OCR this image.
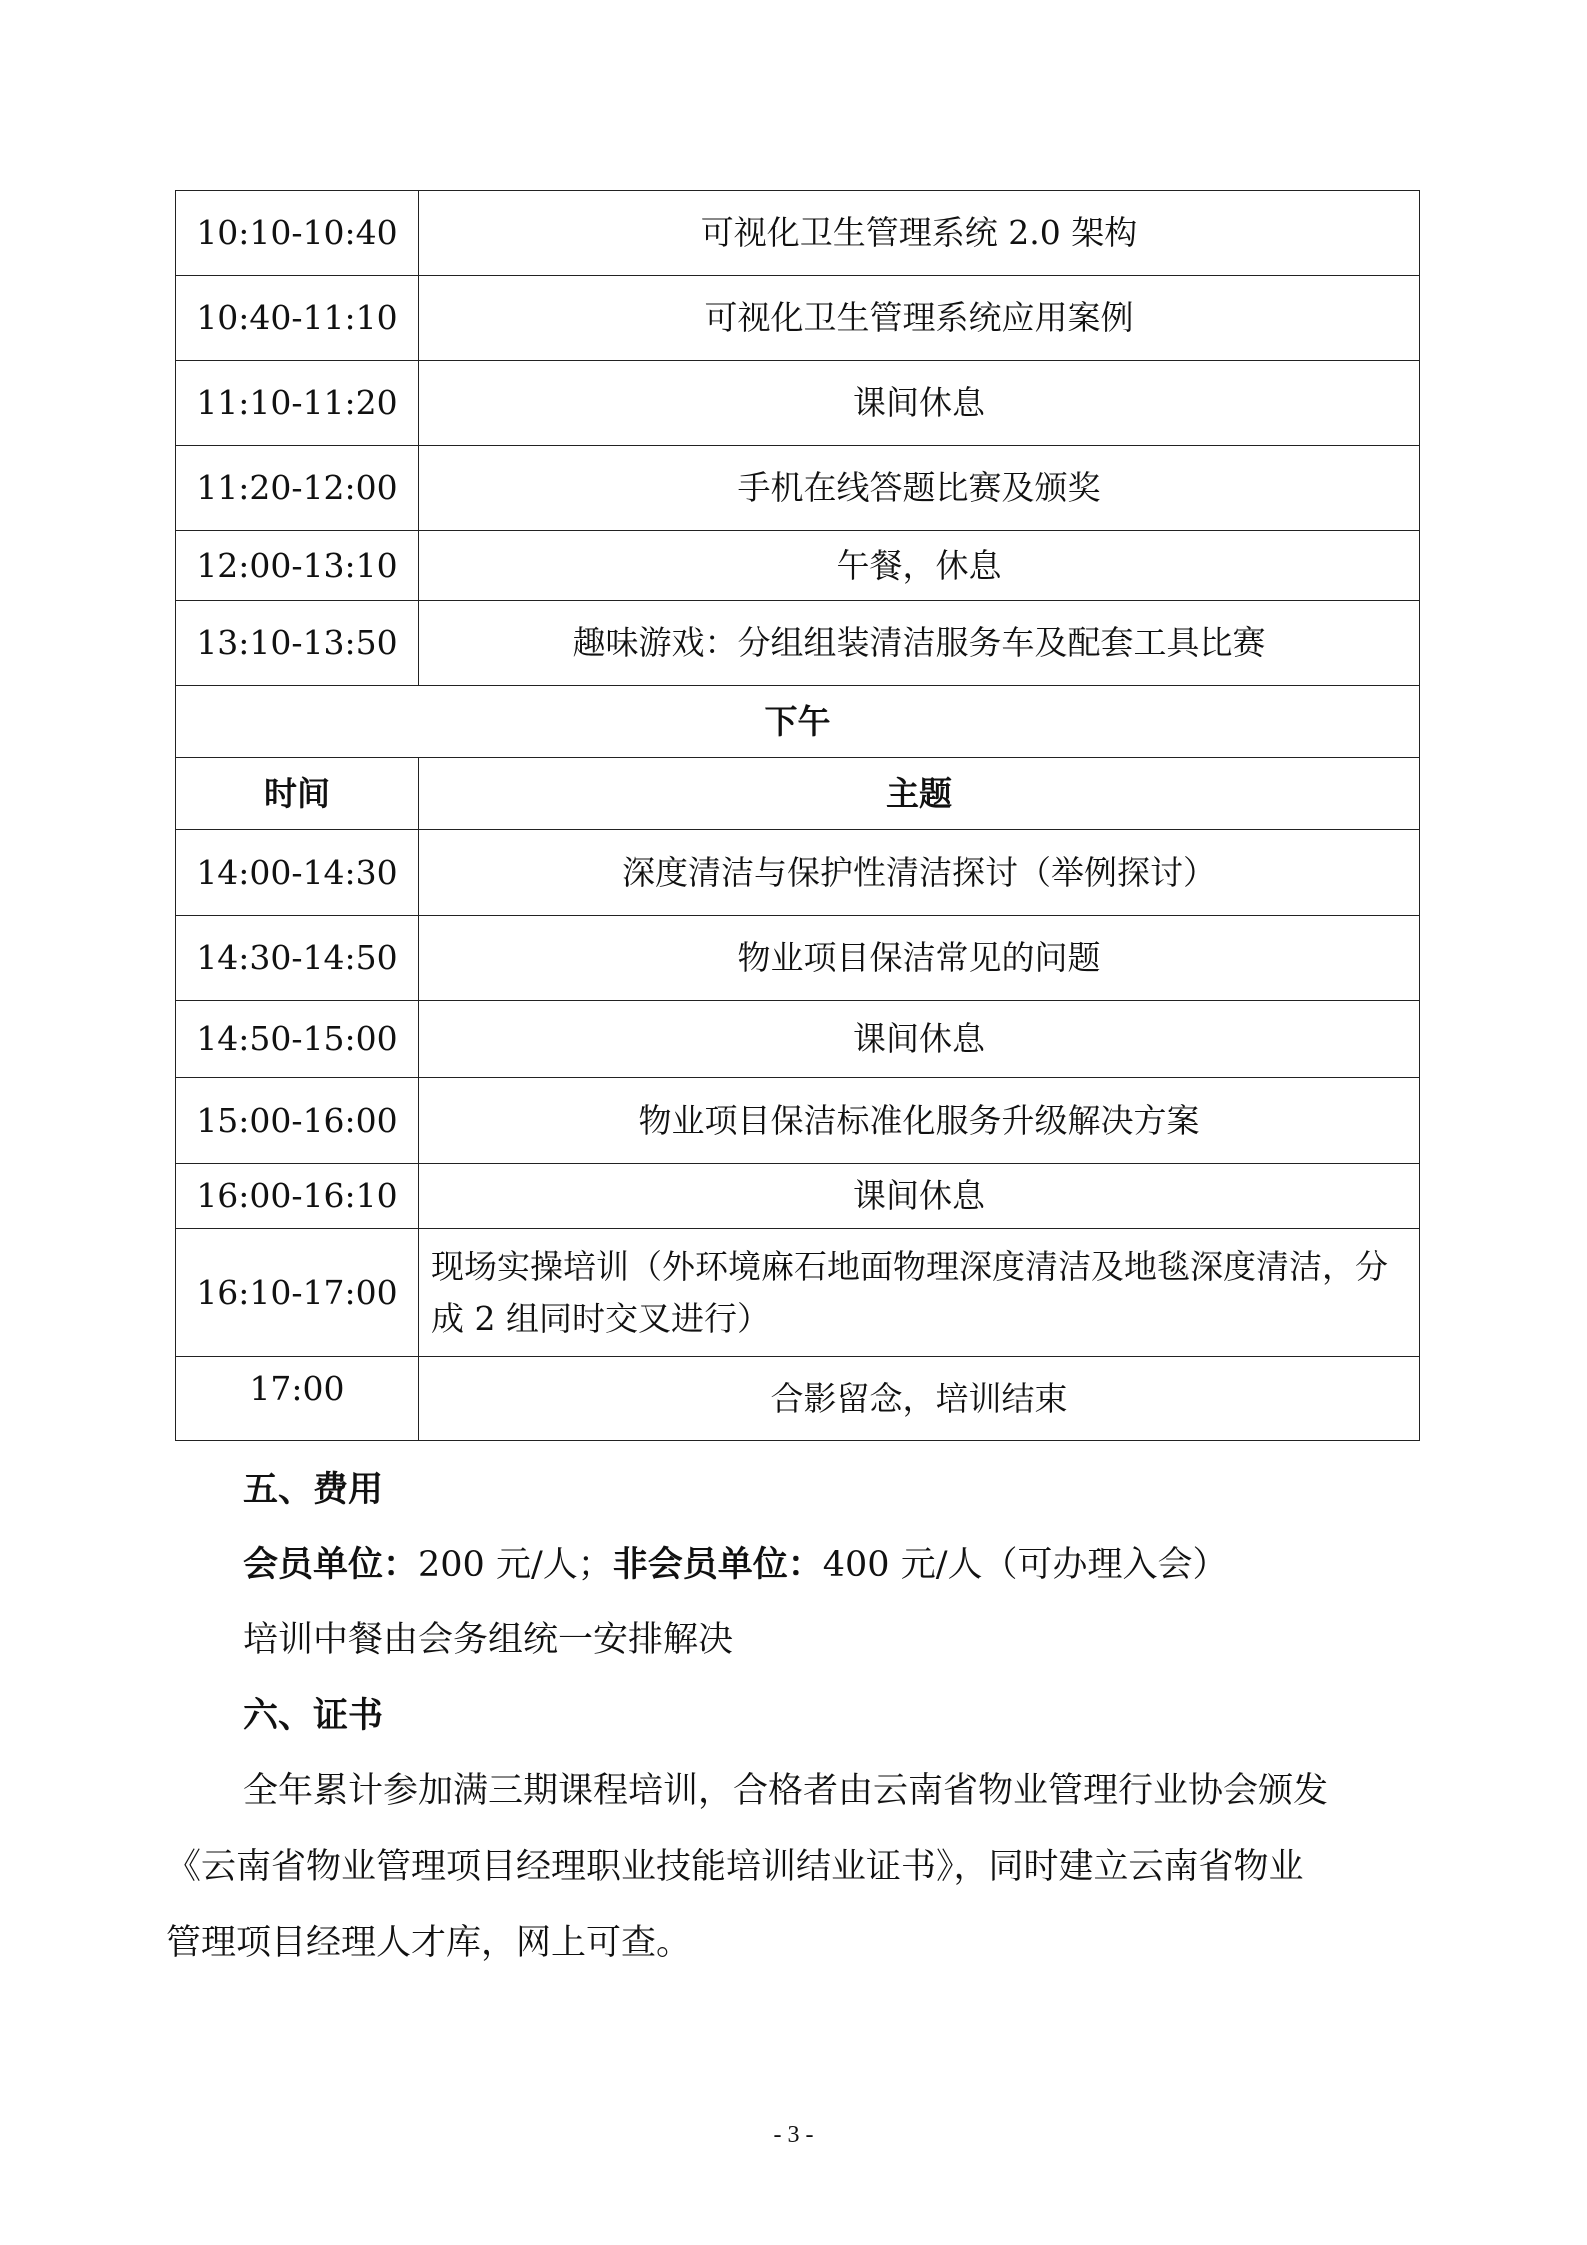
10:10-10:40	可视化卫生管理系统 2.0 架构
10:40-11:10	可视化卫生管理系统应用案例
11:10-11:20	课间休息
11:20-12:00	手机在线答题比赛及颁奖
12:00-13:10	午餐，休息
13:10-13:50	趣味游戏：分组组装清洁服务车及配套工具比赛
下午	
时间	主题
14:00-14:30	深度清洁与保护性清洁探讨（举例探讨）
14:30-14:50	物业项目保洁常见的问题
14:50-15:00	课间休息
15:00-16:00	物业项目保洁标准化服务升级解决方案
16:00-16:10	课间休息
16:10-17:00	现场实操培训（外环境麻石地面物理深度清洁及地毯深度清洁，分成 2 组同时交叉进行）
17:00	合影留念，培训结束
五、费用
会员单位：200 元/人；非会员单位：400 元/人（可办理入会）
培训中餐由会务组统一安排解决
六、证书
全年累计参加满三期课程培训，合格者由云南省物业管理行业协会颁发
《云南省物业管理项目经理职业技能培训结业证书》，同时建立云南省物业
管理项目经理人才库，网上可查。
- 3 -
